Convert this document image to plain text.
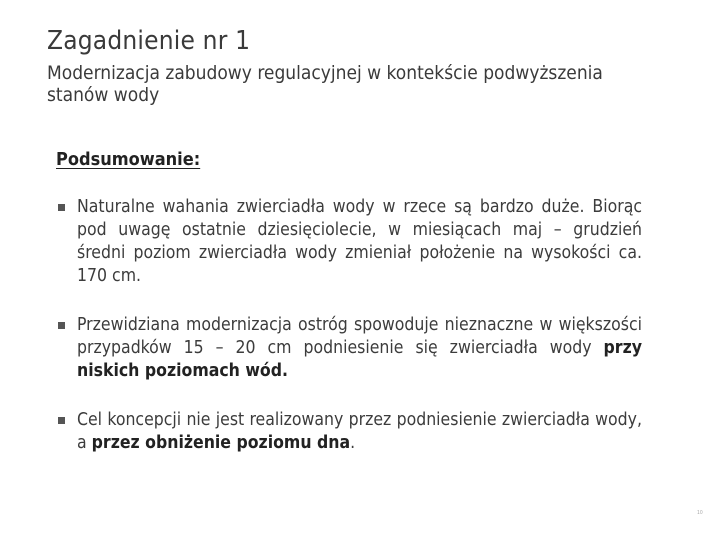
Zagadnienie nr 1
Modernizacja zabudowy regulacyjnej w kontekście podwyższenia stanów wody
Podsumowanie:
Naturalne wahania zwierciadła wody w rzece są bardzo duże. Biorąc pod uwagę ostatnie dziesięciolecie, w miesiącach maj – grudzień średni poziom zwierciadła wody zmieniał położenie na wysokości ca. 170 cm.
Przewidziana modernizacja ostróg spowoduje nieznaczne w większości przypadków 15 – 20 cm podniesienie się zwierciadła wody przy niskich poziomach wód.
Cel koncepcji nie jest realizowany przez podniesienie zwierciadła wody, a przez obniżenie poziomu dna.
10
